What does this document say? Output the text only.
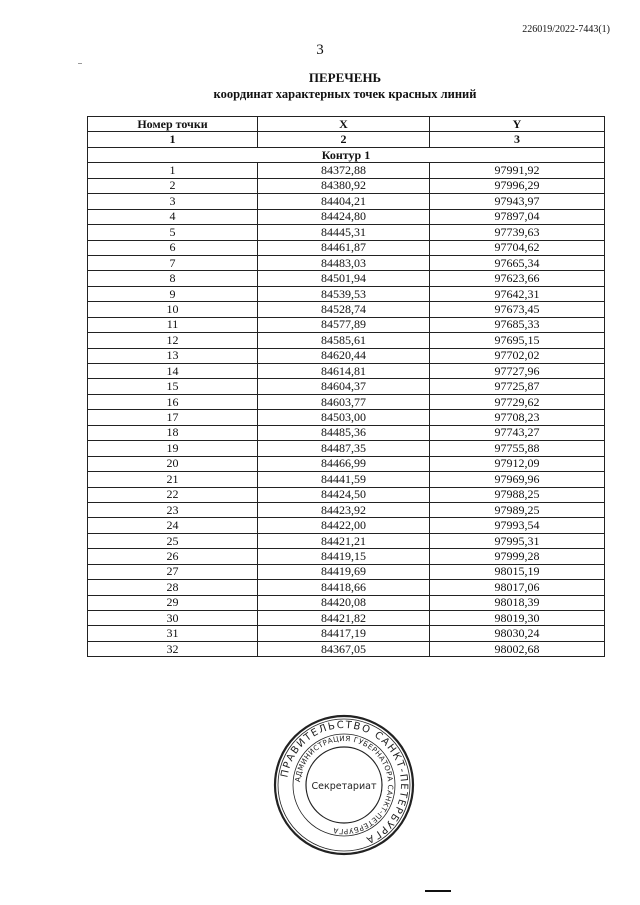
226019/2022-7443(1)
3
ПЕРЕЧЕНЬ
координат характерных точек красных линий
Номер точки	X	Y
1	2	3
Контур 1		
1	84372,88	97991,92
2	84380,92	97996,29
3	84404,21	97943,97
4	84424,80	97897,04
5	84445,31	97739,63
6	84461,87	97704,62
7	84483,03	97665,34
8	84501,94	97623,66
9	84539,53	97642,31
10	84528,74	97673,45
11	84577,89	97685,33
12	84585,61	97695,15
13	84620,44	97702,02
14	84614,81	97727,96
15	84604,37	97725,87
16	84603,77	97729,62
17	84503,00	97708,23
18	84485,36	97743,27
19	84487,35	97755,88
20	84466,99	97912,09
21	84441,59	97969,96
22	84424,50	97988,25
23	84423,92	97989,25
24	84422,00	97993,54
25	84421,21	97995,31
26	84419,15	97999,28
27	84419,69	98015,19
28	84418,66	98017,06
29	84420,08	98018,39
30	84421,82	98019,30
31	84417,19	98030,24
32	84367,05	98002,68
ПРАВИТЕЛЬСТВО САНКТ-ПЕТЕРБУРГА
АДМИНИСТРАЦИЯ ГУБЕРНАТОРА САНКТ-ПЕТЕРБУРГА
Секретариат
